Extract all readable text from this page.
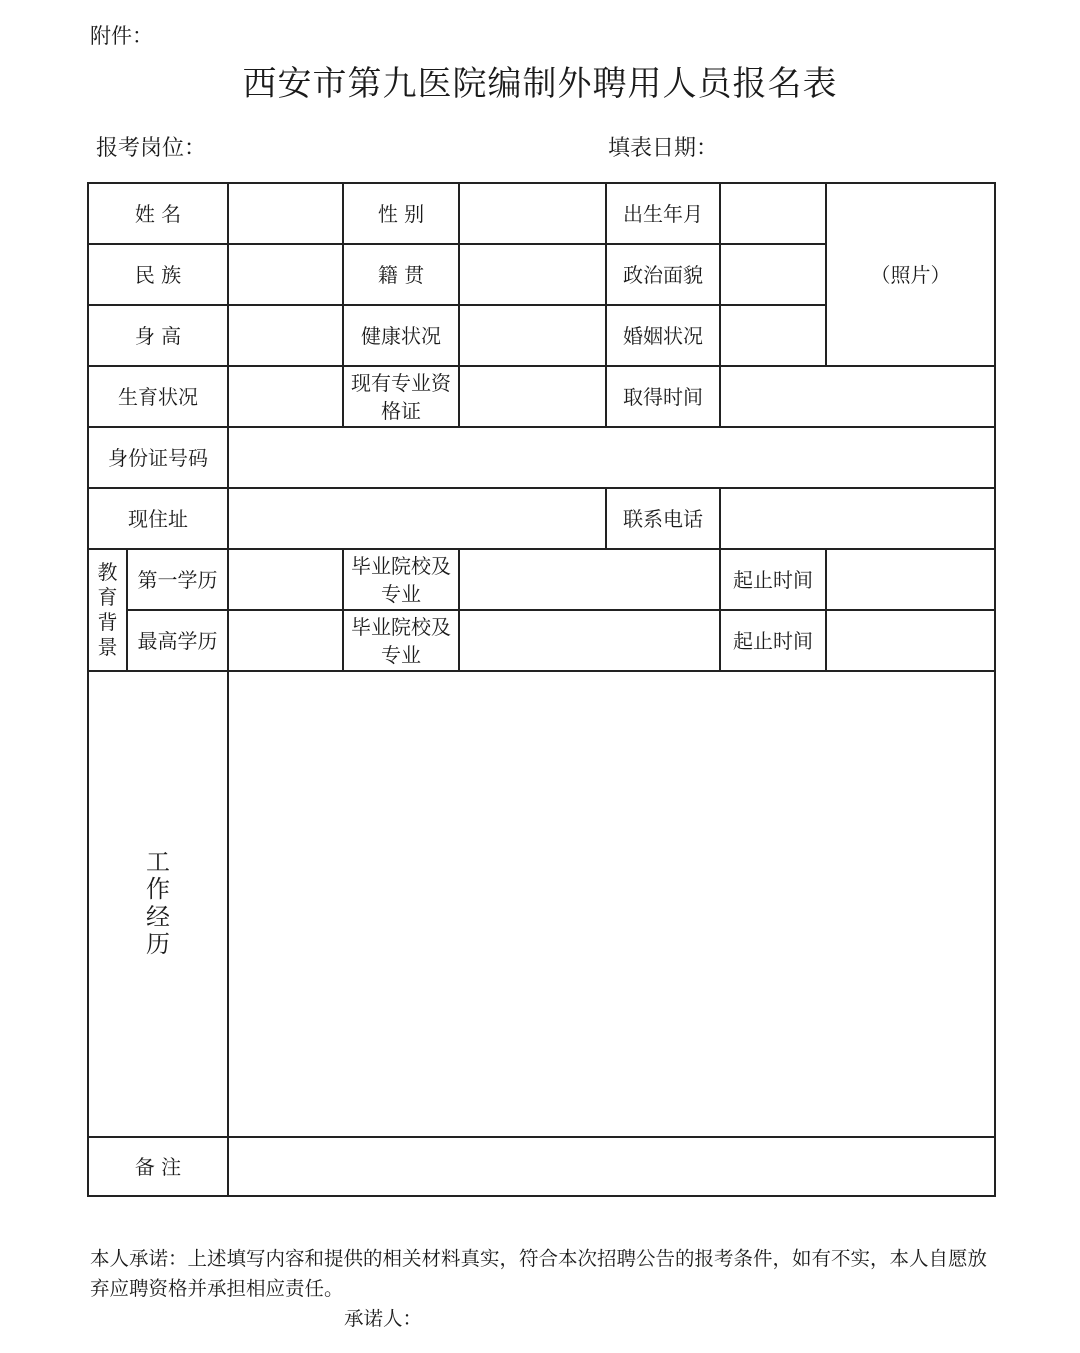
附件：
西安市第九医院编制外聘用人员报名表
报考岗位：	填表日期：
姓 名			性 别		出生年月		（照片）
民 族			籍 贯		政治面貌		
身 高			健康状况		婚姻状况		
生育状况			现有专业资格证		取得时间		
身份证号码							
现住址					联系电话		
教育背景	第一学历		毕业院校及专业			起止时间	
	最高学历		毕业院校及专业			起止时间	
工作经历							
备 注							
本人承诺：上述填写内容和提供的相关材料真实，符合本次招聘公告的报考条件，如有不实，本人自愿放弃应聘资格并承担相应责任。
承诺人：
